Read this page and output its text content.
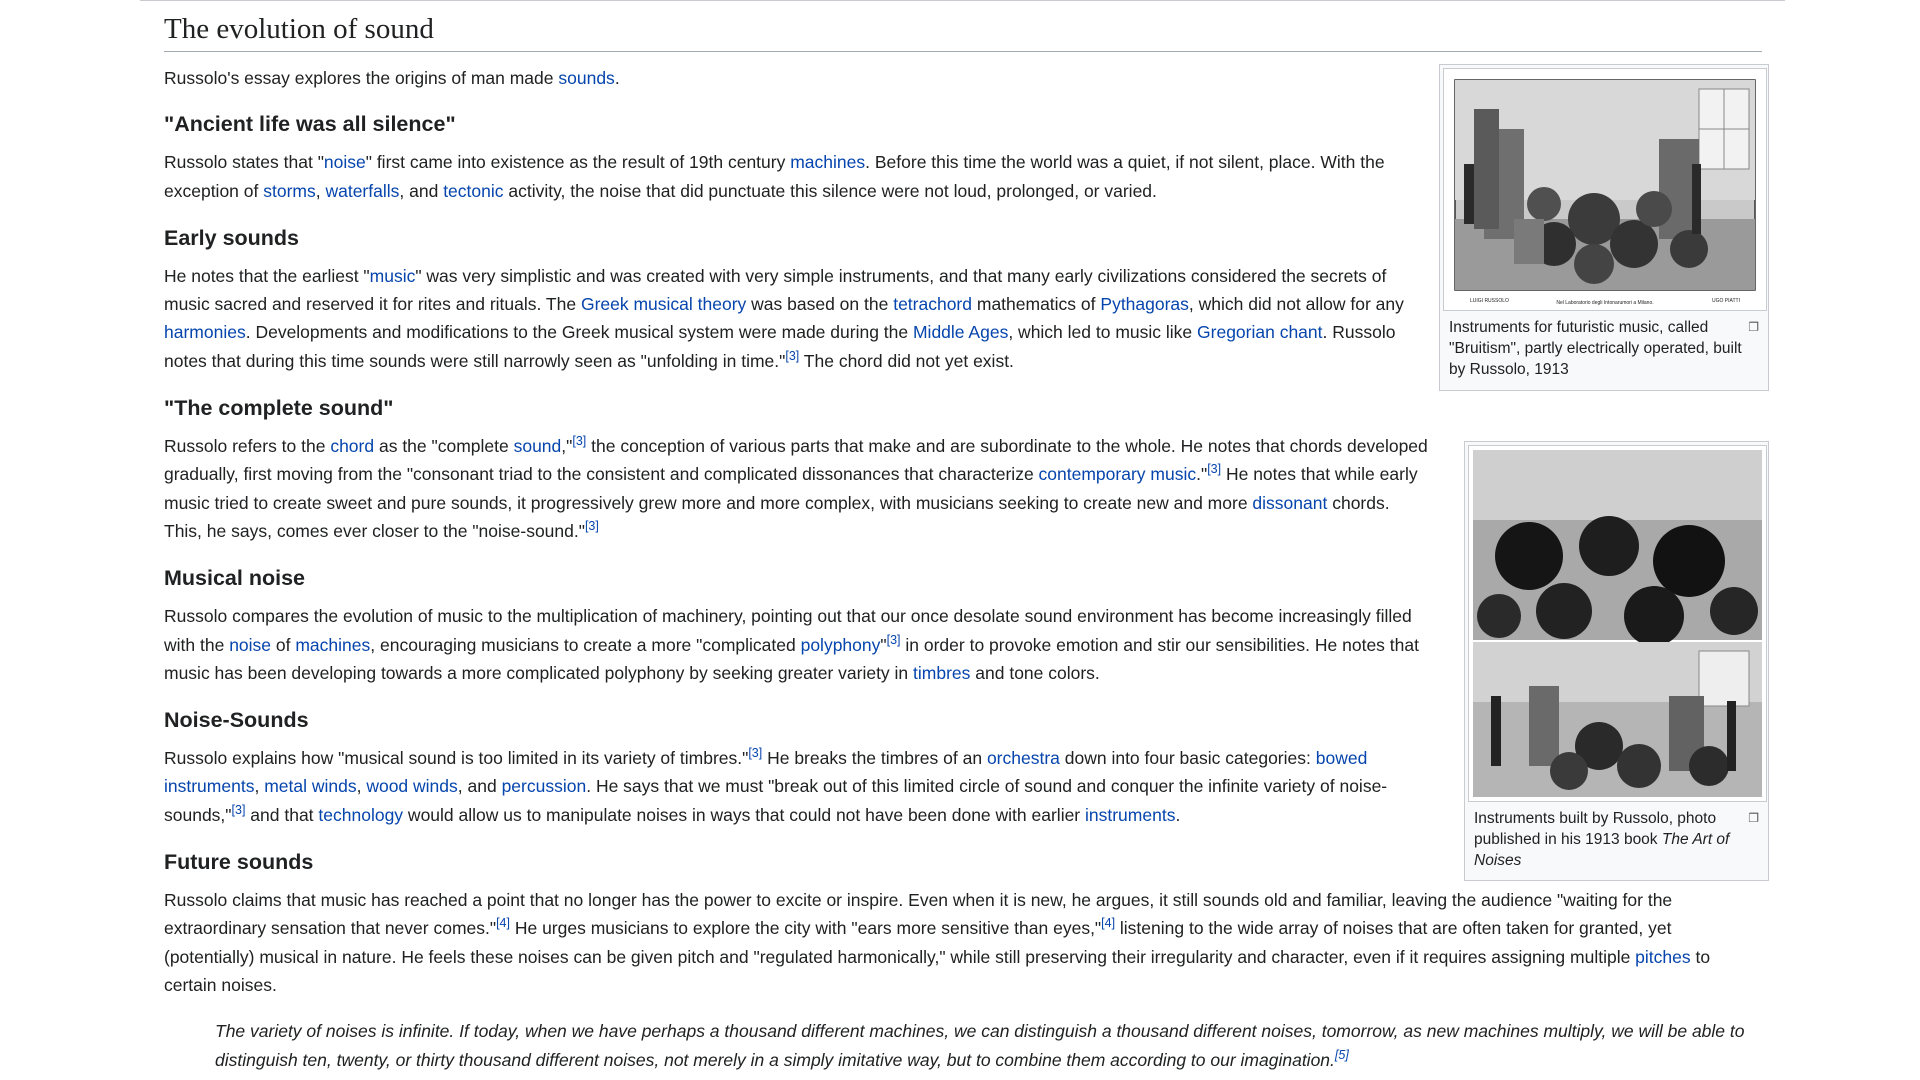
The evolution of sound

Russolo's essay explores the origins of man made sounds.

"Ancient life was all silence"

Russolo states that "noise" first came into existence as the result of 19th century machines. Before this time the world was a quiet, if not silent, place. With the exception of storms, waterfalls, and tectonic activity, the noise that did punctuate this silence were not loud, prolonged, or varied.

Early sounds

He notes that the earliest "music" was very simplistic and was created with very simple instruments, and that many early civilizations considered the secrets of music sacred and reserved it for rites and rituals. The Greek musical theory was based on the tetrachord mathematics of Pythagoras, which did not allow for any harmonies. Developments and modifications to the Greek musical system were made during the Middle Ages, which led to music like Gregorian chant. Russolo notes that during this time sounds were still narrowly seen as "unfolding in time."[3] The chord did not yet exist.

"The complete sound"

Russolo refers to the chord as the "complete sound,"[3] the conception of various parts that make and are subordinate to the whole. He notes that chords developed gradually, first moving from the "consonant triad to the consistent and complicated dissonances that characterize contemporary music."[3] He notes that while early music tried to create sweet and pure sounds, it progressively grew more and more complex, with musicians seeking to create new and more dissonant chords. This, he says, comes ever closer to the "noise-sound."[3]

Musical noise

Russolo compares the evolution of music to the multiplication of machinery, pointing out that our once desolate sound environment has become increasingly filled with the noise of machines, encouraging musicians to create a more "complicated polyphony"[3] in order to provoke emotion and stir our sensibilities. He notes that music has been developing towards a more complicated polyphony by seeking greater variety in timbres and tone colors.

Noise-Sounds

Russolo explains how "musical sound is too limited in its variety of timbres."[3] He breaks the timbres of an orchestra down into four basic categories: bowed instruments, metal winds, wood winds, and percussion. He says that we must "break out of this limited circle of sound and conquer the infinite variety of noise-sounds,"[3] and that technology would allow us to manipulate noises in ways that could not have been done with earlier instruments.

Future sounds

Russolo claims that music has reached a point that no longer has the power to excite or inspire. Even when it is new, he argues, it still sounds old and familiar, leaving the audience "waiting for the extraordinary sensation that never comes."[4] He urges musicians to explore the city with "ears more sensitive than eyes,"[4] listening to the wide array of noises that are often taken for granted, yet (potentially) musical in nature. He feels these noises can be given pitch and "regulated harmonically," while still preserving their irregularity and character, even if it requires assigning multiple pitches to certain noises.

The variety of noises is infinite. If today, when we have perhaps a thousand different machines, we can distinguish a thousand different noises, tomorrow, as new machines multiply, we will be able to distinguish ten, twenty, or thirty thousand different noises, not merely in a simply imitative way, but to combine them according to our imagination.[5]
LUIGI RUSSOLO	Nel Laboratorio degli Intonarumori a Milano.	UGO PIATTI
❐
Instruments for futuristic music, called "Bruitism", partly electrically operated, built by Russolo, 1913
❐
Instruments built by Russolo, photo published in his 1913 book The Art of Noises
